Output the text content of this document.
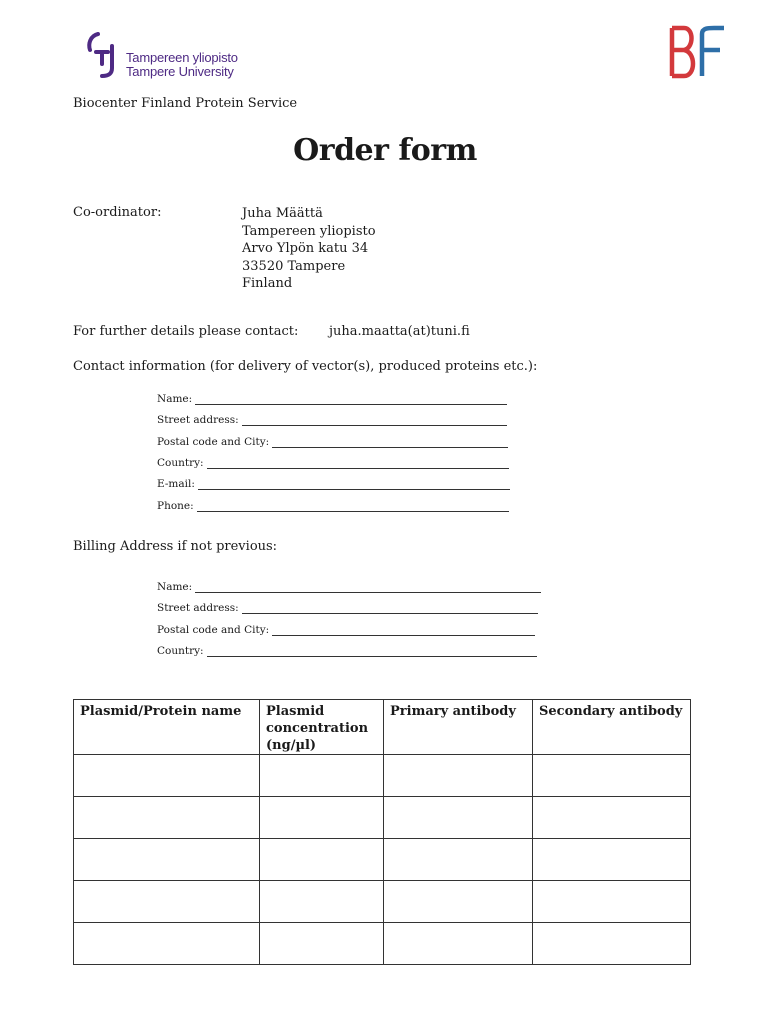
Tampereen yliopisto
Tampere University
Biocenter Finland Protein Service
Order form
Co-ordinator:	Juha Määttä
Tampereen yliopisto
Arvo Ylpön katu 34
33520 Tampere
Finland
For further details please contact: juha.maatta(at)tuni.fi
Contact information (for delivery of vector(s), produced proteins etc.):
Name:
Street address:
Postal code and City:
Country:
E-mail:
Phone:
Billing Address if not previous:
Name:
Street address:
Postal code and City:
Country:
Plasmid/Protein name	Plasmid
concentration
(ng/µl)	Primary antibody	Secondary antibody
